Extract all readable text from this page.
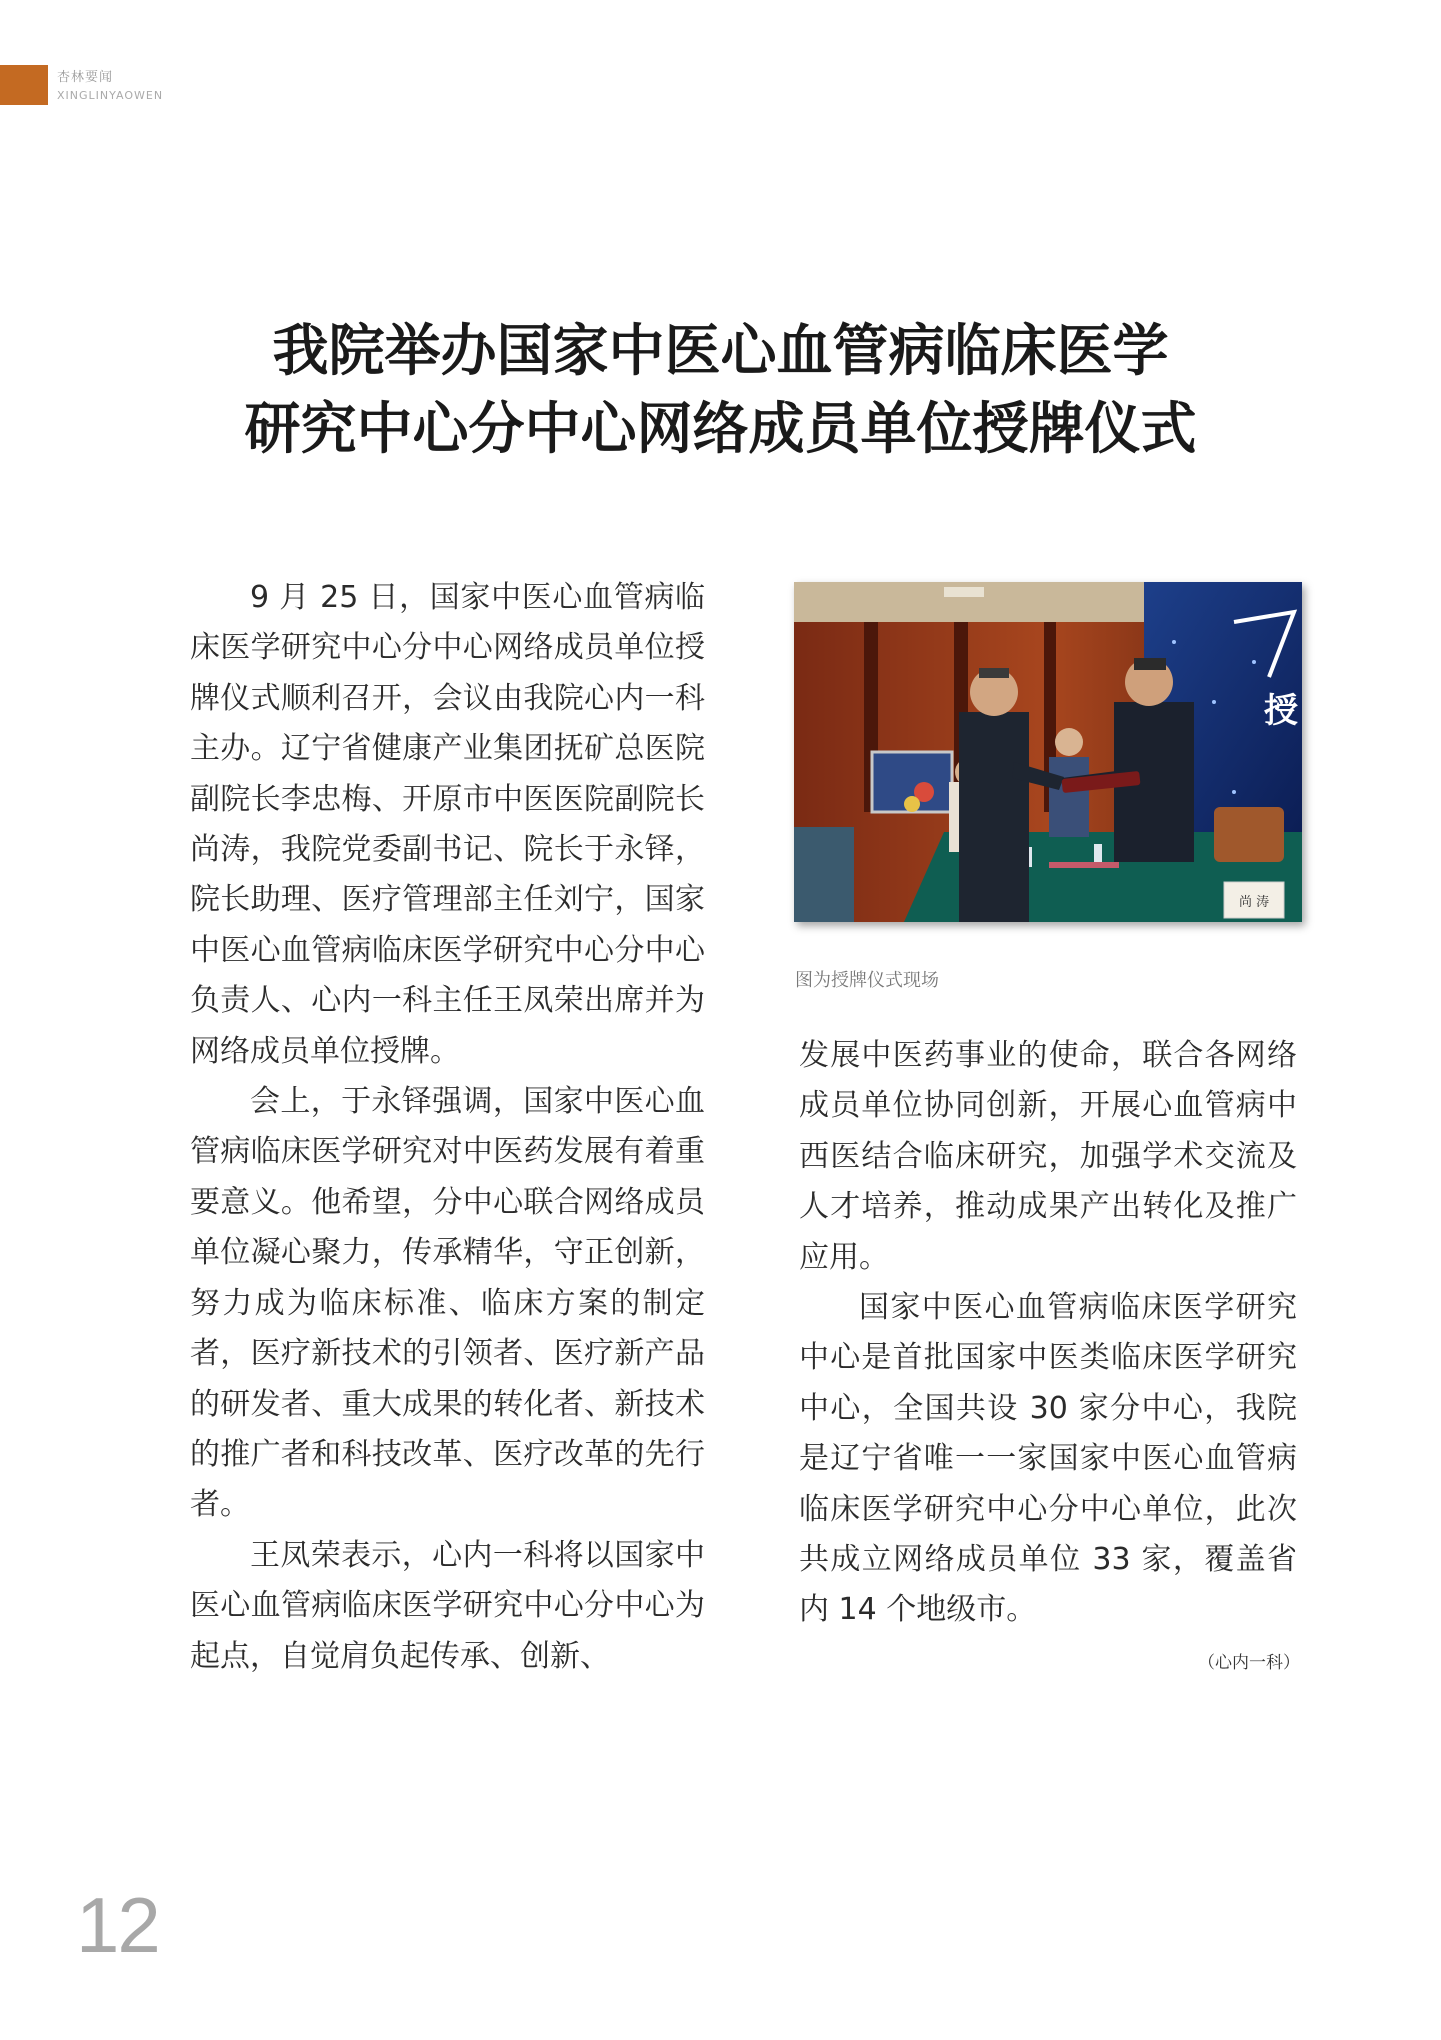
杏林要闻
XINGLINYAOWEN
我院举办国家中医心血管病临床医学
研究中心分中心网络成员单位授牌仪式

9 月 25 日，国家中医心血管病临床医学研究中心分中心网络成员单位授牌仪式顺利召开，会议由我院心内一科主办。辽宁省健康产业集团抚矿总医院副院长李忠梅、开原市中医医院副院长尚涛，我院党委副书记、院长于永铎，院长助理、医疗管理部主任刘宁，国家中医心血管病临床医学研究中心分中心负责人、心内一科主任王凤荣出席并为网络成员单位授牌。

会上，于永铎强调，国家中医心血管病临床医学研究对中医药发展有着重要意义。他希望，分中心联合网络成员单位凝心聚力，传承精华，守正创新，努力成为临床标准、临床方案的制定者，医疗新技术的引领者、医疗新产品的研发者、重大成果的转化者、新技术的推广者和科技改革、医疗改革的先行者。

王凤荣表示，心内一科将以国家中医心血管病临床医学研究中心分中心为起点，自觉肩负起传承、创新、

授
尚 涛
图为授牌仪式现场

发展中医药事业的使命，联合各网络成员单位协同创新，开展心血管病中西医结合临床研究，加强学术交流及人才培养，推动成果产出转化及推广应用。

国家中医心血管病临床医学研究中心是首批国家中医类临床医学研究中心，全国共设 30 家分中心，我院是辽宁省唯一一家国家中医心血管病临床医学研究中心分中心单位，此次共成立网络成员单位 33 家，覆盖省内 14 个地级市。

（心内一科）
12
